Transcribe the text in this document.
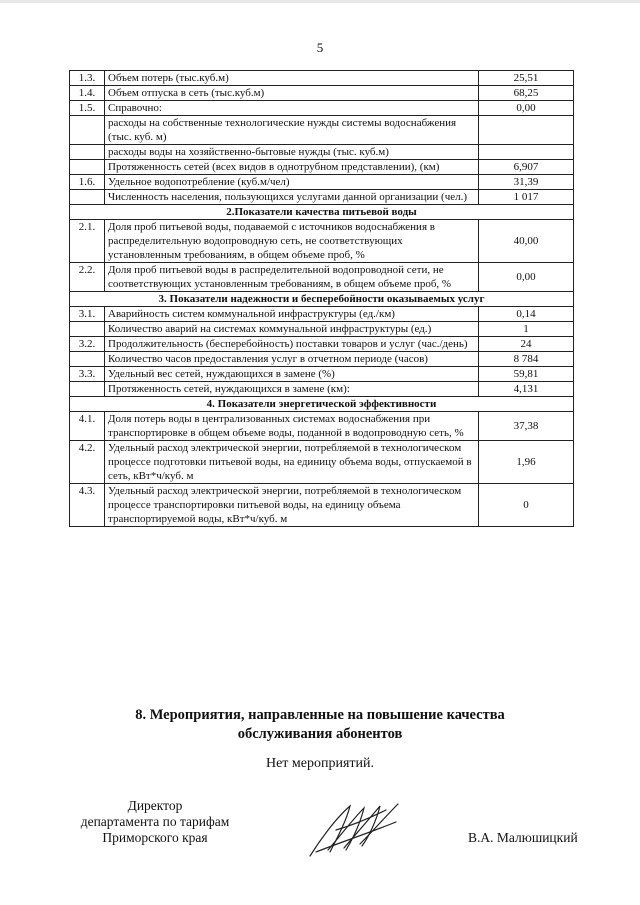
5
1.3.	Объем потерь (тыс.куб.м)	25,51
1.4.	Объем отпуска в сеть (тыс.куб.м)	68,25
1.5.	Справочно:	0,00
	расходы на собственные технологические нужды системы водоснабжения (тыс. куб. м)	
	расходы воды на хозяйственно-бытовые нужды (тыс. куб.м)	
	Протяженность сетей (всех видов в однотрубном представлении), (км)	6,907
1.6.	Удельное водопотребление (куб.м/чел)	31,39
	Численность населения, пользующихся услугами данной организации (чел.)	1 017
2.Показатели качества питьевой воды		
2.1.	Доля проб питьевой воды, подаваемой с источников водоснабжения в распределительную водопроводную сеть, не соответствующих установленным требованиям, в общем объеме проб, %	40,00
2.2.	Доля проб питьевой воды в распределительной водопроводной сети, не соответствующих установленным требованиям, в общем объеме проб, %	0,00
3. Показатели надежности и бесперебойности оказываемых услуг		
3.1.	Аварийность систем коммунальной инфраструктуры (ед./км)	0,14
	Количество аварий на системах коммунальной инфраструктуры (ед.)	1
3.2.	Продолжительность (бесперебойность) поставки товаров и услуг (час./день)	24
	Количество часов предоставления услуг в отчетном периоде (часов)	8 784
3.3.	Удельный вес сетей, нуждающихся в замене (%)	59,81
	Протяженность сетей, нуждающихся в замене (км):	4,131
4. Показатели энергетической эффективности		
4.1.	Доля потерь воды в централизованных системах водоснабжения при транспортировке в общем объеме воды, поданной в водопроводную сеть, %	37,38
4.2.	Удельный расход электрической энергии, потребляемой в технологическом процессе подготовки питьевой воды, на единицу объема воды, отпускаемой в сеть, кВт*ч/куб. м	1,96
4.3.	Удельный расход электрической энергии, потребляемой в технологическом процессе транспортировки питьевой воды, на единицу объема транспортируемой воды, кВт*ч/куб. м	0
8. Мероприятия, направленные на повышение качества
обслуживания абонентов
Нет мероприятий.
Директор
департамента по тарифам
Приморского края	В.А. Малюшицкий
